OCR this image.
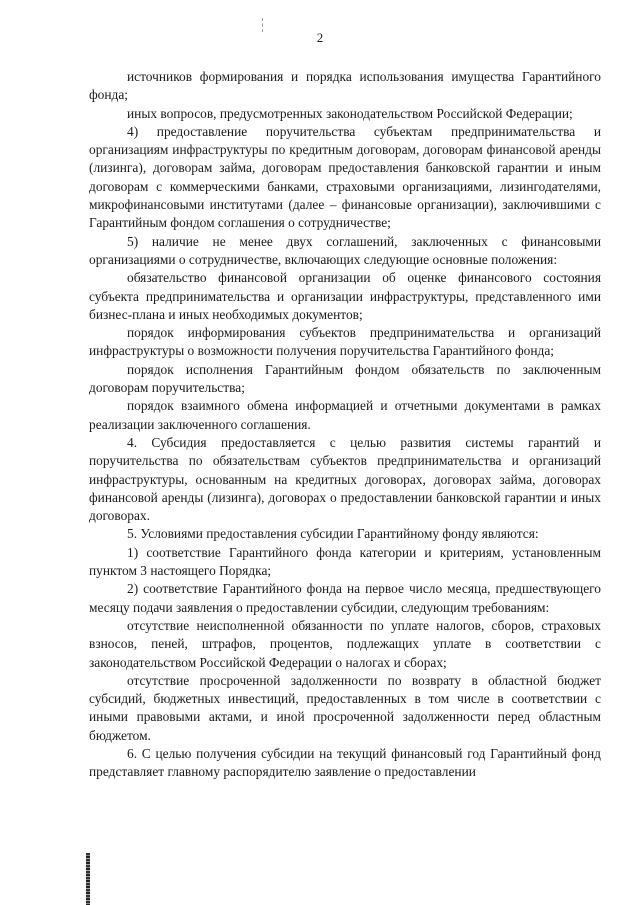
2

источников формирования и порядка использования имущества Гарантийного фонда;

иных вопросов, предусмотренных законодательством Российской Федерации;

4) предоставление поручительства субъектам предпринимательства и организациям инфраструктуры по кредитным договорам, договорам финансовой аренды (лизинга), договорам займа, договорам предоставления банковской гарантии и иным договорам с коммерческими банками, страховыми организациями, лизингодателями, микрофинансовыми институтами (далее – финансовые организации), заключившими с Гарантийным фондом соглашения о сотрудничестве;

5) наличие не менее двух соглашений, заключенных с финансовыми организациями о сотрудничестве, включающих следующие основные положения:

обязательство финансовой организации об оценке финансового состояния субъекта предпринимательства и организации инфраструктуры, представленного ими бизнес-плана и иных необходимых документов;

порядок информирования субъектов предпринимательства и организаций инфраструктуры о возможности получения поручительства Гарантийного фонда;

порядок исполнения Гарантийным фондом обязательств по заключенным договорам поручительства;

порядок взаимного обмена информацией и отчетными документами в рамках реализации заключенного соглашения.

4. Субсидия предоставляется с целью развития системы гарантий и поручительства по обязательствам субъектов предпринимательства и организаций инфраструктуры, основанным на кредитных договорах, договорах займа, договорах финансовой аренды (лизинга), договорах о предоставлении банковской гарантии и иных договорах.

5. Условиями предоставления субсидии Гарантийному фонду являются:

1) соответствие Гарантийного фонда категории и критериям, установленным пунктом 3 настоящего Порядка;

2) соответствие Гарантийного фонда на первое число месяца, предшествующего месяцу подачи заявления о предоставлении субсидии, следующим требованиям:

отсутствие неисполненной обязанности по уплате налогов, сборов, страховых взносов, пеней, штрафов, процентов, подлежащих уплате в соответствии с законодательством Российской Федерации о налогах и сборах;

отсутствие просроченной задолженности по возврату в областной бюджет субсидий, бюджетных инвестиций, предоставленных в том числе в соответствии с иными правовыми актами, и иной просроченной задолженности перед областным бюджетом.

6. С целью получения субсидии на текущий финансовый год Гарантийный фонд представляет главному распорядителю заявление о предоставлении
